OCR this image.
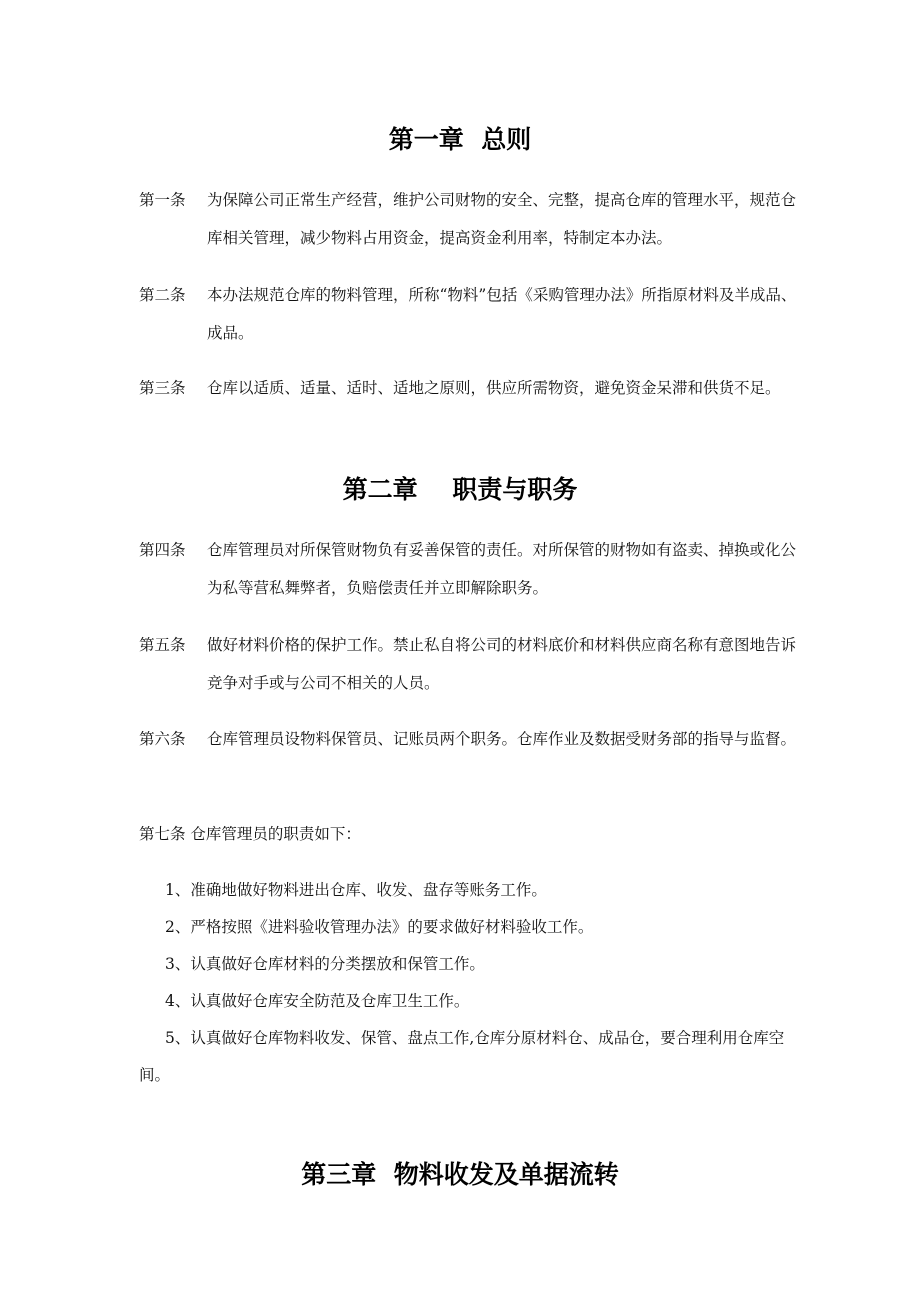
第一章  总则
第一条 为保障公司正常生产经营，维护公司财物的安全、完整，提高仓库的管理水平，规范仓库相关管理，减少物料占用资金，提高资金利用率，特制定本办法。
第二条 本办法规范仓库的物料管理，所称“物料”包括《采购管理办法》所指原材料及半成品、成品。
第三条 仓库以适质、适量、适时、适地之原则，供应所需物资，避免资金呆滞和供货不足。
第二章    职责与职务
第四条 仓库管理员对所保管财物负有妥善保管的责任。对所保管的财物如有盗卖、掉换或化公为私等营私舞弊者，负赔偿责任并立即解除职务。
第五条 做好材料价格的保护工作。禁止私自将公司的材料底价和材料供应商名称有意图地告诉竞争对手或与公司不相关的人员。
第六条 仓库管理员设物料保管员、记账员两个职务。仓库作业及数据受财务部的指导与监督。
第七条 仓库管理员的职责如下：
1、准确地做好物料进出仓库、收发、盘存等账务工作。
2、严格按照《进料验收管理办法》的要求做好材料验收工作。
3、认真做好仓库材料的分类摆放和保管工作。
4、认真做好仓库安全防范及仓库卫生工作。
5、认真做好仓库物料收发、保管、盘点工作,仓库分原材料仓、成品仓，要合理利用仓库空间。
第三章  物料收发及单据流转
